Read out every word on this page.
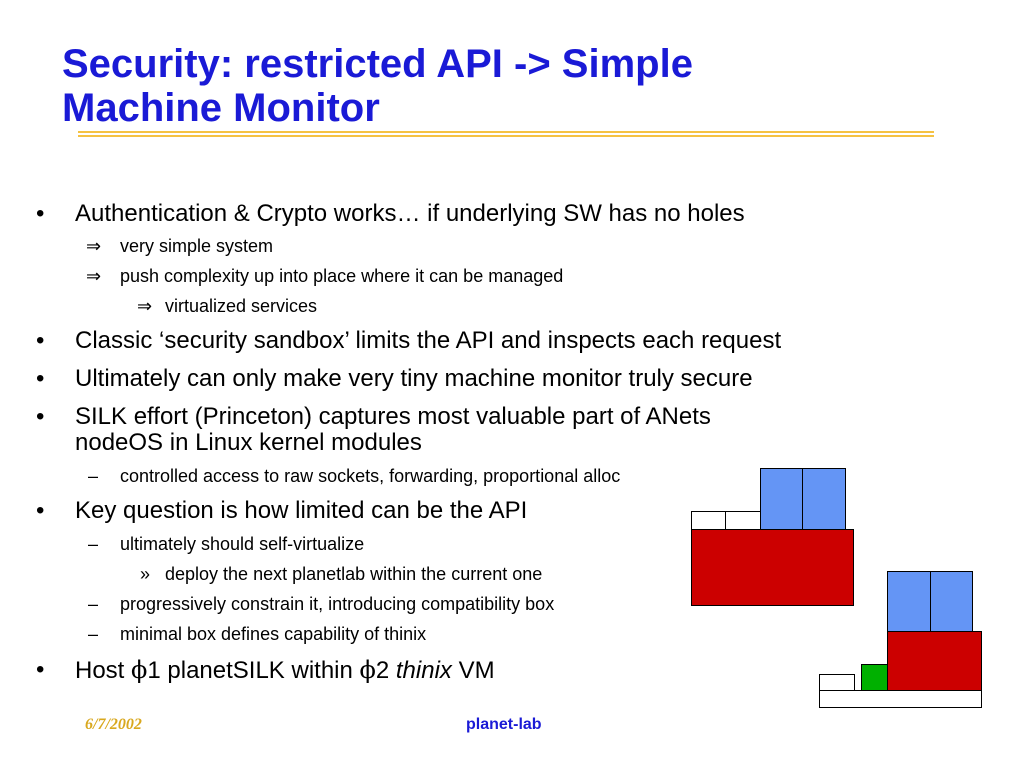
Security: restricted API -> Simple
Machine Monitor
• Authentication & Crypto works… if underlying SW has no holes
⇒ very simple system
⇒ push complexity up into place where it can be managed
⇒ virtualized services
• Classic ‘security sandbox’ limits the API and inspects each request
• Ultimately can only make very tiny machine monitor truly secure
• SILK effort (Princeton) captures most valuable part of ANets
nodeOS in Linux kernel modules
– controlled access to raw sockets, forwarding, proportional alloc
• Key question is how limited can be the API
– ultimately should self-virtualize
» deploy the next planetlab within the current one
– progressively constrain it, introducing compatibility box
– minimal box defines capability of thinix
• Host ϕ1 planetSILK within ϕ2 thinix VM
6/7/2002	planet-lab
